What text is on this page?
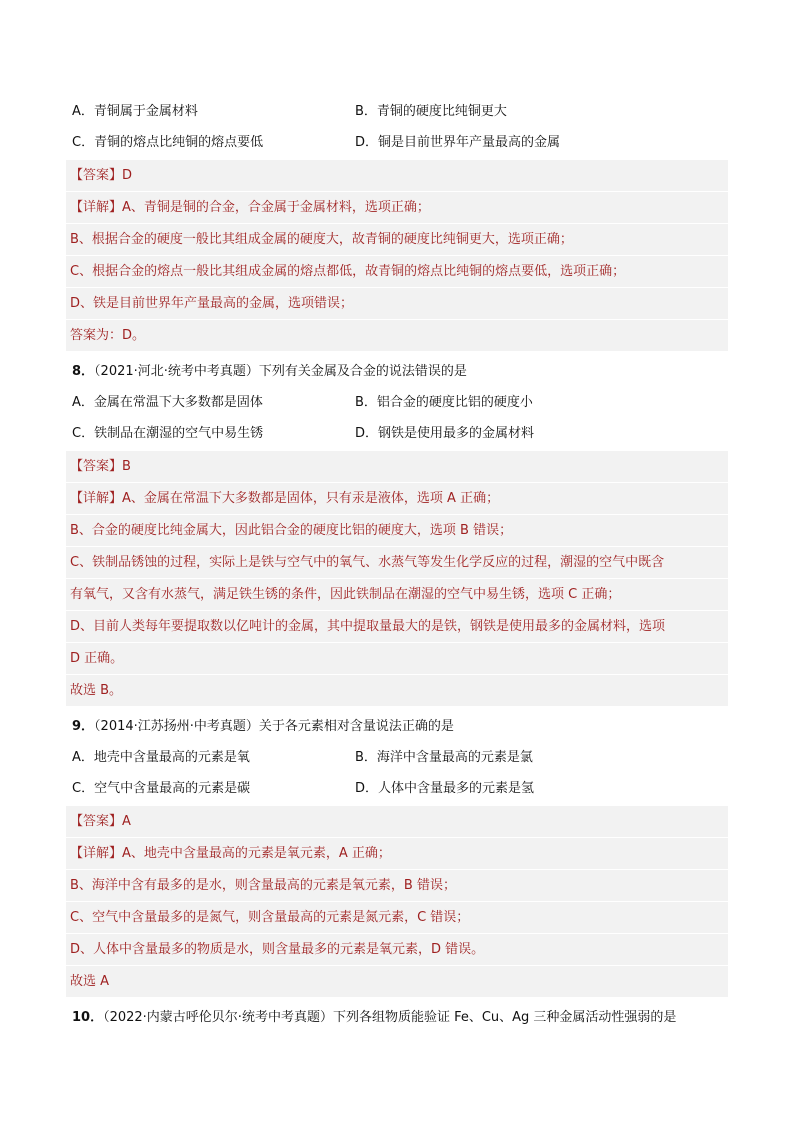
A．青铜属于金属材料	B．青铜的硬度比纯铜更大
C．青铜的熔点比纯铜的熔点要低	D．铜是目前世界年产量最高的金属
【答案】D
【详解】A、青铜是铜的合金，合金属于金属材料，选项正确；
B、根据合金的硬度一般比其组成金属的硬度大，故青铜的硬度比纯铜更大，选项正确；
C、根据合金的熔点一般比其组成金属的熔点都低，故青铜的熔点比纯铜的熔点要低，选项正确；
D、铁是目前世界年产量最高的金属，选项错误；
答案为：D。
8．（2021·河北·统考中考真题）下列有关金属及合金的说法错误的是
A．金属在常温下大多数都是固体	B．铝合金的硬度比铝的硬度小
C．铁制品在潮湿的空气中易生锈	D．钢铁是使用最多的金属材料
【答案】B
【详解】A、金属在常温下大多数都是固体，只有汞是液体，选项 A 正确；
B、合金的硬度比纯金属大，因此铝合金的硬度比铝的硬度大，选项 B 错误；
C、铁制品锈蚀的过程，实际上是铁与空气中的氧气、水蒸气等发生化学反应的过程，潮湿的空气中既含
有氧气，又含有水蒸气，满足铁生锈的条件，因此铁制品在潮湿的空气中易生锈，选项 C 正确；
D、目前人类每年要提取数以亿吨计的金属，其中提取量最大的是铁，钢铁是使用最多的金属材料，选项
D 正确。
故选 B。
9．（2014·江苏扬州·中考真题）关于各元素相对含量说法正确的是
A．地壳中含量最高的元素是氧	B．海洋中含量最高的元素是氯
C．空气中含量最高的元素是碳	D．人体中含量最多的元素是氢
【答案】A
【详解】A、地壳中含量最高的元素是氧元素，A 正确；
B、海洋中含有最多的是水，则含量最高的元素是氧元素，B 错误；
C、空气中含量最多的是氮气，则含量最高的元素是氮元素，C 错误；
D、人体中含量最多的物质是水，则含量最多的元素是氧元素，D 错误。
故选 A
10．（2022·内蒙古呼伦贝尔·统考中考真题）下列各组物质能验证 Fe、Cu、Ag 三种金属活动性强弱的是
